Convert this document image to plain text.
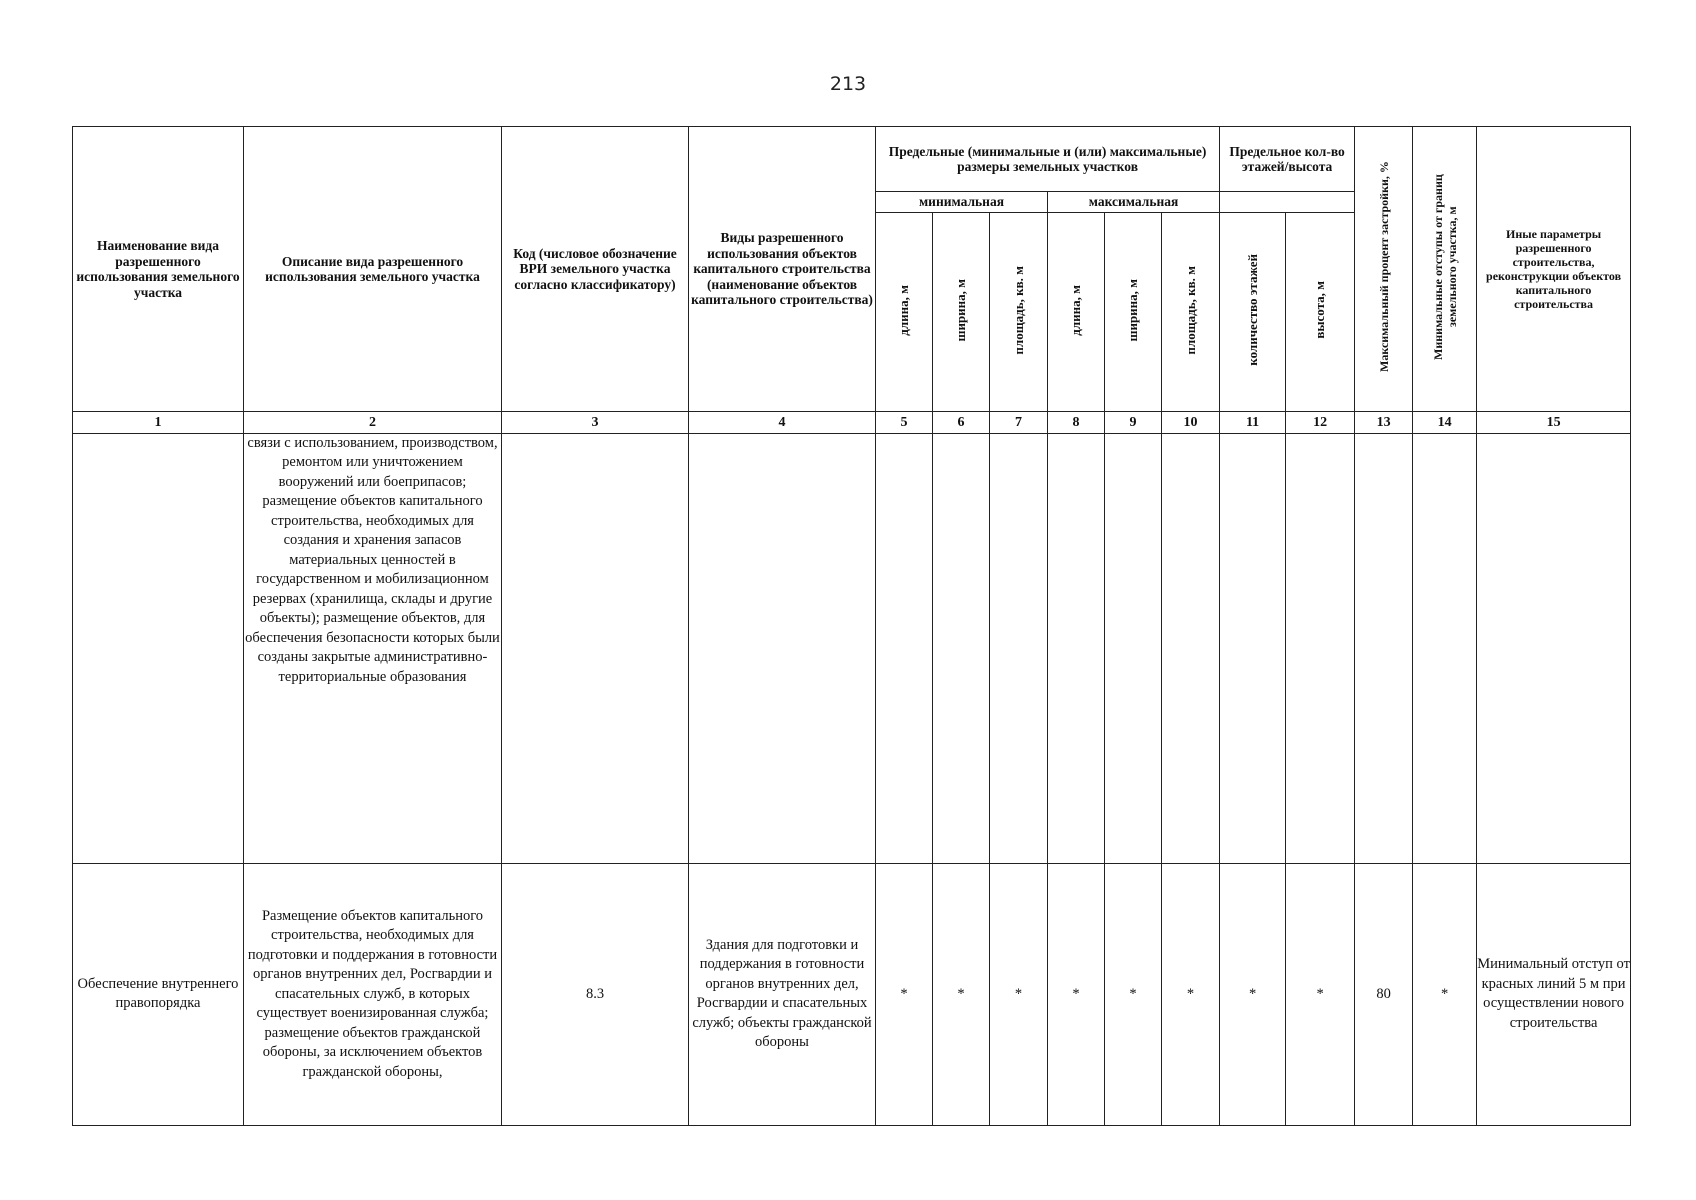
213
Наименование вида разрешенного использования земельного участка	Описание вида разрешенного использования земельного участка	Код (числовое обозначение ВРИ земельного участка согласно классификатору)	Виды разрешенного использования объектов капитального строительства (наименование объектов капитального строительства)	Предельные (минимальные и (или) максимальные) размеры земельных участков						Предельное кол-во этажей/высота		Максимальный процент застройки, %	Минимальные отступы от границ земельного участка, м	Иные параметры разрешенного строительства, реконструкции объектов капитального строительства
				минимальная			максимальная							
				длина, м	ширина, м	площадь, кв. м	длина, м	ширина, м	площадь, кв. м	количество этажей	высота, м			
1	2	3	4	5	6	7	8	9	10	11	12	13	14	15
	связи с использованием, производством, ремонтом или уничтожением вооружений или боеприпасов; размещение объектов капитального строительства, необходимых для создания и хранения запасов материальных ценностей в государственном и мобилизационном резервах (хранилища, склады и другие объекты); размещение объектов, для обеспечения безопасности которых были созданы закрытые административно-территориальные образования													
Обеспечение внутреннего правопорядка	Размещение объектов капитального строительства, необходимых для подготовки и поддержания в готовности органов внутренних дел, Росгвардии и спасательных служб, в которых существует военизированная служба; размещение объектов гражданской обороны, за исключением объектов гражданской обороны,	8.3	Здания для подготовки и поддержания в готовности органов внутренних дел, Росгвардии и спасательных служб; объекты гражданской обороны	*	*	*	*	*	*	*	*	80	*	Минимальный отступ от красных линий 5 м при осуществлении нового строительства
